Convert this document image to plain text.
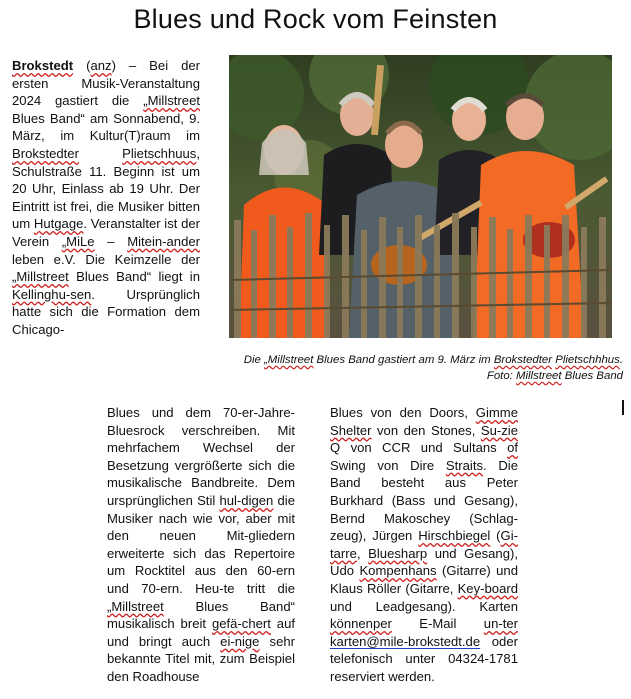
Blues und Rock vom Feinsten

Brokstedt (anz) – Bei der ersten Musik-Veranstaltung 2024 gastiert die „Millstreet Blues Band“ am Sonnabend, 9. März, im Kultur(T)raum im Brokstedter	Plietschhuus, Schulstraße 11. Beginn ist um 20 Uhr, Einlass ab 19 Uhr. Der Eintritt ist frei, die Musiker bitten um Hutgage. Veranstalter ist der Verein „MiLe – Mitein-ander leben e.V. Die Keimzelle der „Millstreet Blues Band“ liegt in Kellinghu-sen. Ursprünglich hatte sich die Formation dem Chicago-

Die „Millstreet Blues Band gastiert am 9. März im Brokstedter Plietschhhus.
Foto: Millstreet Blues Band

Blues und dem 70-er-Jahre-Bluesrock verschreiben. Mit mehrfachem Wechsel der Besetzung vergrößerte sich die musikalische Bandbreite. Dem ursprünglichen Stil hul-digen die Musiker nach wie vor, aber mit den neuen Mit-gliedern erweiterte sich das Repertoire um Rocktitel aus den 60-ern und 70-ern. Heu-te tritt die „Millstreet Blues Band“ musikalisch breit gefä-chert auf und bringt auch ei-nige sehr bekannte Titel mit, zum Beispiel den Roadhouse

Blues von den Doors, Gimme Shelter von den Stones, Su-zie Q von CCR und Sultans of Swing von Dire Straits. Die Band besteht aus Peter Burkhard (Bass und Gesang), Bernd Makoschey (Schlag-zeug), Jürgen Hirschbiegel (Gi-tarre, Bluesharp und Gesang), Udo Kompenhans (Gitarre) und Klaus Röller (Gitarre, Key-board und Leadgesang). Karten könnenper E-Mail un-ter karten@mile-brokstedt.de oder telefonisch unter 04324-1781 reserviert werden.
